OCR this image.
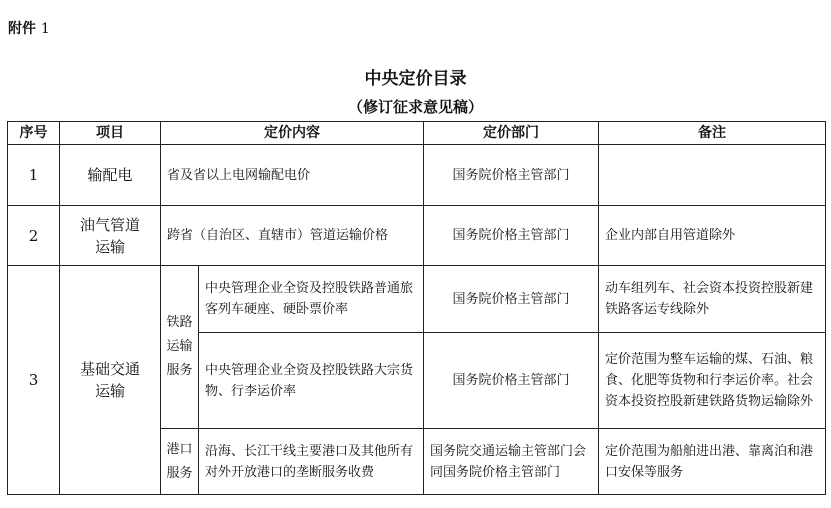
附件 1
中央定价目录
（修订征求意见稿）
序号	项目	定价内容		定价部门	备注
1	输配电	省及省以上电网输配电价		国务院价格主管部门	
2	油气管道运输	跨省（自治区、直辖市）管道运输价格		国务院价格主管部门	企业内部自用管道除外
3	基础交通运输	铁路运输服务	中央管理企业全资及控股铁路普通旅客列车硬座、硬卧票价率	国务院价格主管部门	动车组列车、社会资本投资控股新建铁路客运专线除外
			中央管理企业全资及控股铁路大宗货物、行李运价率	国务院价格主管部门	定价范围为整车运输的煤、石油、粮食、化肥等货物和行李运价率。社会资本投资控股新建铁路货物运输除外
		港口服务	沿海、长江干线主要港口及其他所有对外开放港口的垄断服务收费	国务院交通运输主管部门会同国务院价格主管部门	定价范围为船舶进出港、靠离泊和港口安保等服务
